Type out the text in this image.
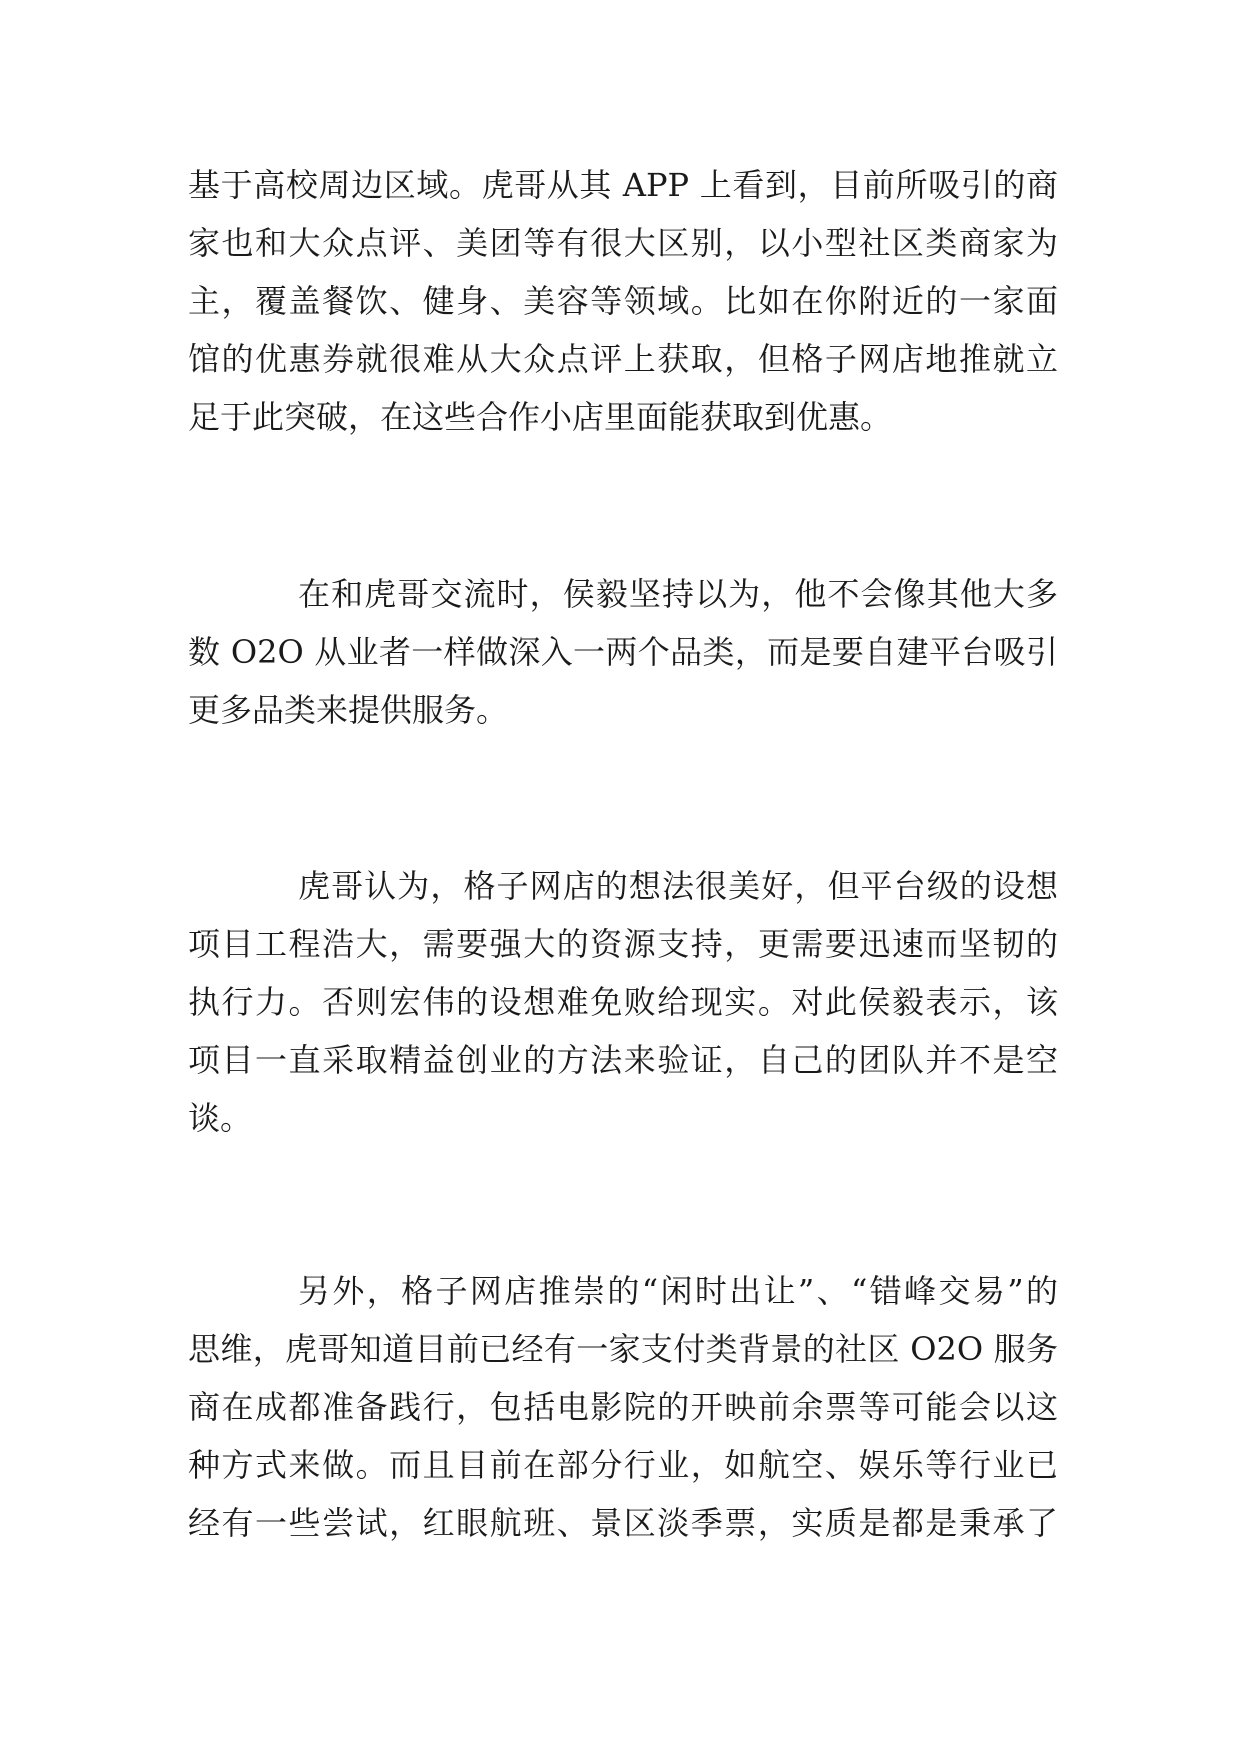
基于高校周边区域。虎哥从其 APP 上看到，目前所吸引的商
家也和大众点评、美团等有很大区别，以小型社区类商家为
主，覆盖餐饮、健身、美容等领域。比如在你附近的一家面
馆的优惠券就很难从大众点评上获取，但格子网店地推就立
足于此突破，在这些合作小店里面能获取到优惠。
在和虎哥交流时，侯毅坚持以为，他不会像其他大多
数 O2O 从业者一样做深入一两个品类，而是要自建平台吸引
更多品类来提供服务。
虎哥认为，格子网店的想法很美好，但平台级的设想
项目工程浩大，需要强大的资源支持，更需要迅速而坚韧的
执行力。否则宏伟的设想难免败给现实。对此侯毅表示，该
项目一直采取精益创业的方法来验证，自己的团队并不是空
谈。
另外，格子网店推崇的“闲时出让”、“错峰交易”的
思维，虎哥知道目前已经有一家支付类背景的社区 O2O 服务
商在成都准备践行，包括电影院的开映前余票等可能会以这
种方式来做。而且目前在部分行业，如航空、娱乐等行业已
经有一些尝试，红眼航班、景区淡季票，实质是都是秉承了
